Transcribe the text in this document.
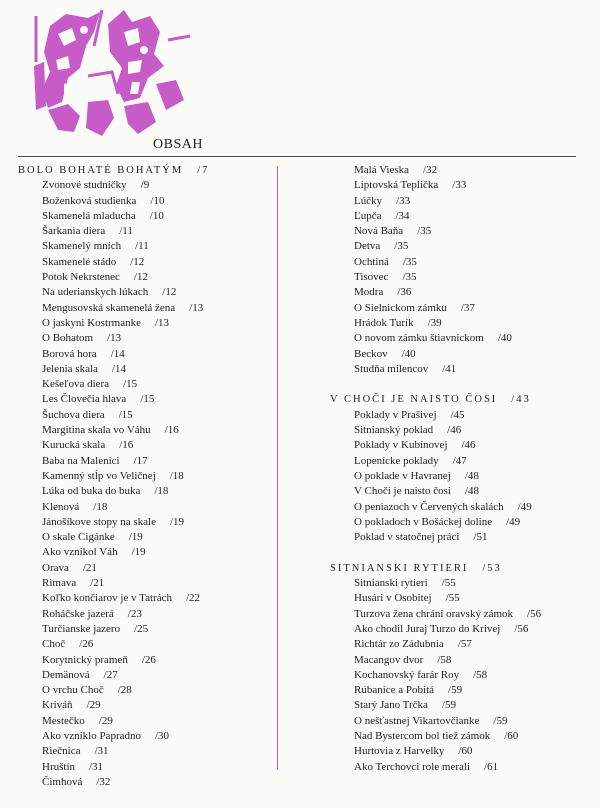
OBSAH
BOLO BOHATÉ BOHATÝM /7
Zvonové studničky /9
Boženková studienka /10
Skamenelá mladucha /10
Šarkania diera /11
Skamenelý mních /11
Skamenelé stádo /12
Potok Nekrstenec /12
Na uderianskych lúkach /12
Mengusovská skamenelá žena /13
O jaskyni Kostrmanke /13
O Bohatom /13
Borová hora /14
Jelenia skala /14
Kešeľova diera /15
Les Človečia hlava /15
Šuchova diera /15
Margitina skala vo Váhu /16
Kurucká skala /16
Baba na Malenici /17
Kamenný stĺp vo Veličnej /18
Lúka od buka do buka /18
Klenová /18
Jánošíkove stopy na skale /19
O skale Cigánke /19
Ako vznikol Váh /19
Orava /21
Rimava /21
Koľko končiarov je v Tatrách /22
Roháčske jazerá /23
Turčianske jazero /25
Choč /26
Korytnický prameň /26
Demänová /27
O vrchu Choč /28
Kriváň /29
Mestečko /29
Ako vzniklo Papradno /30
Riečnica /31
Hruštín /31
Čimhová /32
Malá Vieska /32
Liptovská Teplička /33
Lúčky /33
Ľupča /34
Nová Baňa /35
Detva /35
Ochtiná /35
Tisovec /35
Modra /36
O Sielnickom zámku /37
Hrádok Turík /39
O novom zámku štiavnickom /40
Beckov /40
Studňa milencov /41
V CHOČI JE NAISTO ČOSI /43
Poklady v Prašivej /45
Sitnianský poklad /46
Poklady v Kubínovej /46
Lopenícke poklady /47
O poklade v Havranej /48
V Choči je naisto čosi /48
O peniazoch v Červených skalách /49
O pokladoch v Bošáckej doline /49
Poklad v statočnej práci /51
SITNIANSKI RYTIERI /53
Sitnianski rytieri /55
Husári v Osobitej /55
Turzova žena chráni oravský zámok /56
Ako chodil Juraj Turzo do Krivej /56
Richtár zo Zádubnia /57
Macangov dvor /58
Kochanovský farár Roy /58
Rúbanice a Pobitá /59
Starý Jano Trčka /59
O nešťastnej Vikartovčianke /59
Nad Bystercom bol tiež zámok /60
Hurtovia z Harvelky /60
Ako Terchovci role merali /61
